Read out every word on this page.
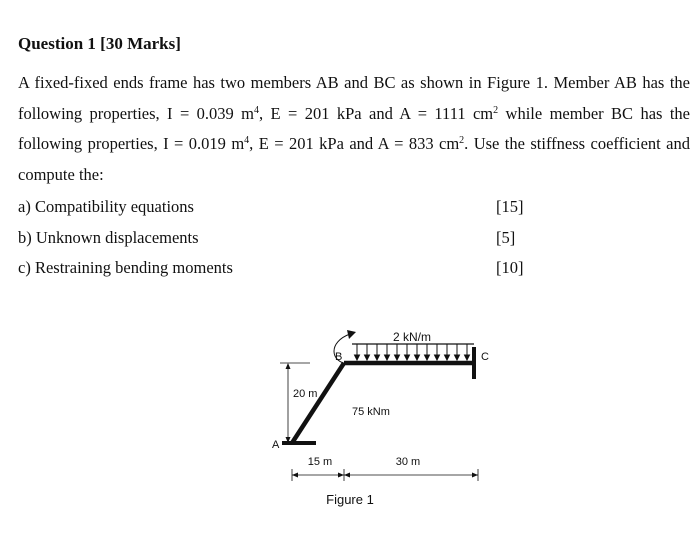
Question 1 [30 Marks]

A fixed-fixed ends frame has two members AB and BC as shown in Figure 1. Member AB has the following properties, I = 0.039 $m^4$, E = 201 kPa and A = 1111 $cm^2$ while member BC has the following properties, I = 0.019 $m^4$, E = 201 kPa and A = 833 $cm^2$. Use the stiffness coefficient and compute the:

a) Compatibility equations	[15]
b) Unknown displacements	[5]
c) Restraining bending moments	[10]
2 kN/m
B	C
A
20 m
75 kNm
15 m	30 m
Figure 1
